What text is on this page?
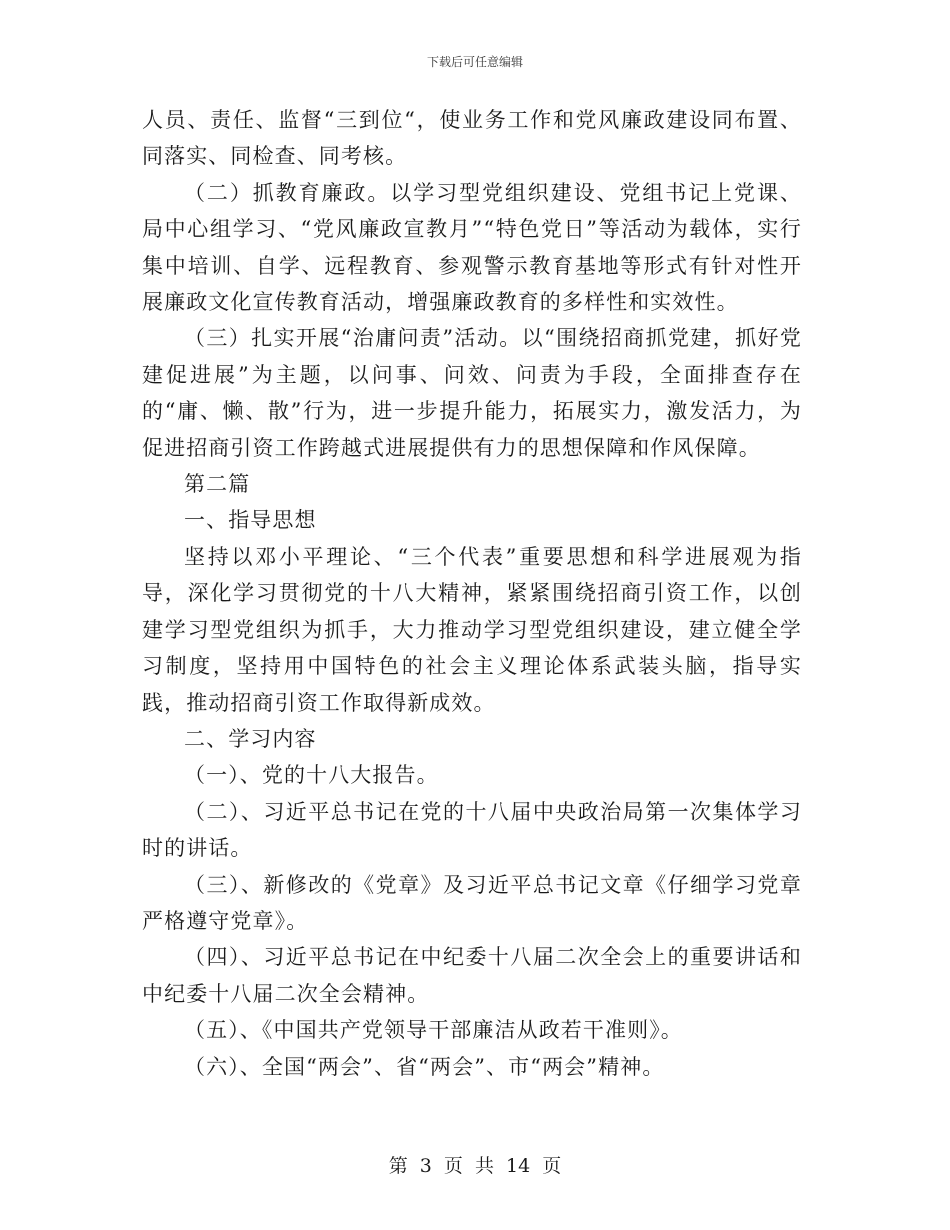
下载后可任意编辑

人员、责任、监督“三到位“，使业务工作和党风廉政建设同布置、同落实、同检查、同考核。

（二）抓教育廉政。以学习型党组织建设、党组书记上党课、局中心组学习、“党风廉政宣教月”“特色党日”等活动为载体，实行集中培训、自学、远程教育、参观警示教育基地等形式有针对性开展廉政文化宣传教育活动，增强廉政教育的多样性和实效性。

（三）扎实开展“治庸问责”活动。以“围绕招商抓党建，抓好党建促进展”为主题，以问事、问效、问责为手段，全面排查存在的“庸、懒、散”行为，进一步提升能力，拓展实力，激发活力，为促进招商引资工作跨越式进展提供有力的思想保障和作风保障。

第二篇

一、指导思想

坚持以邓小平理论、“三个代表”重要思想和科学进展观为指导，深化学习贯彻党的十八大精神，紧紧围绕招商引资工作，以创建学习型党组织为抓手，大力推动学习型党组织建设，建立健全学习制度，坚持用中国特色的社会主义理论体系武装头脑，指导实践，推动招商引资工作取得新成效。

二、学习内容

（一）、党的十八大报告。

（二）、习近平总书记在党的十八届中央政治局第一次集体学习时的讲话。

（三）、新修改的《党章》及习近平总书记文章《仔细学习党章严格遵守党章》。

（四）、习近平总书记在中纪委十八届二次全会上的重要讲话和中纪委十八届二次全会精神。

（五）、《中国共产党领导干部廉洁从政若干准则》。

（六）、全国“两会”、省“两会”、市“两会”精神。

第 3 页 共 14 页
